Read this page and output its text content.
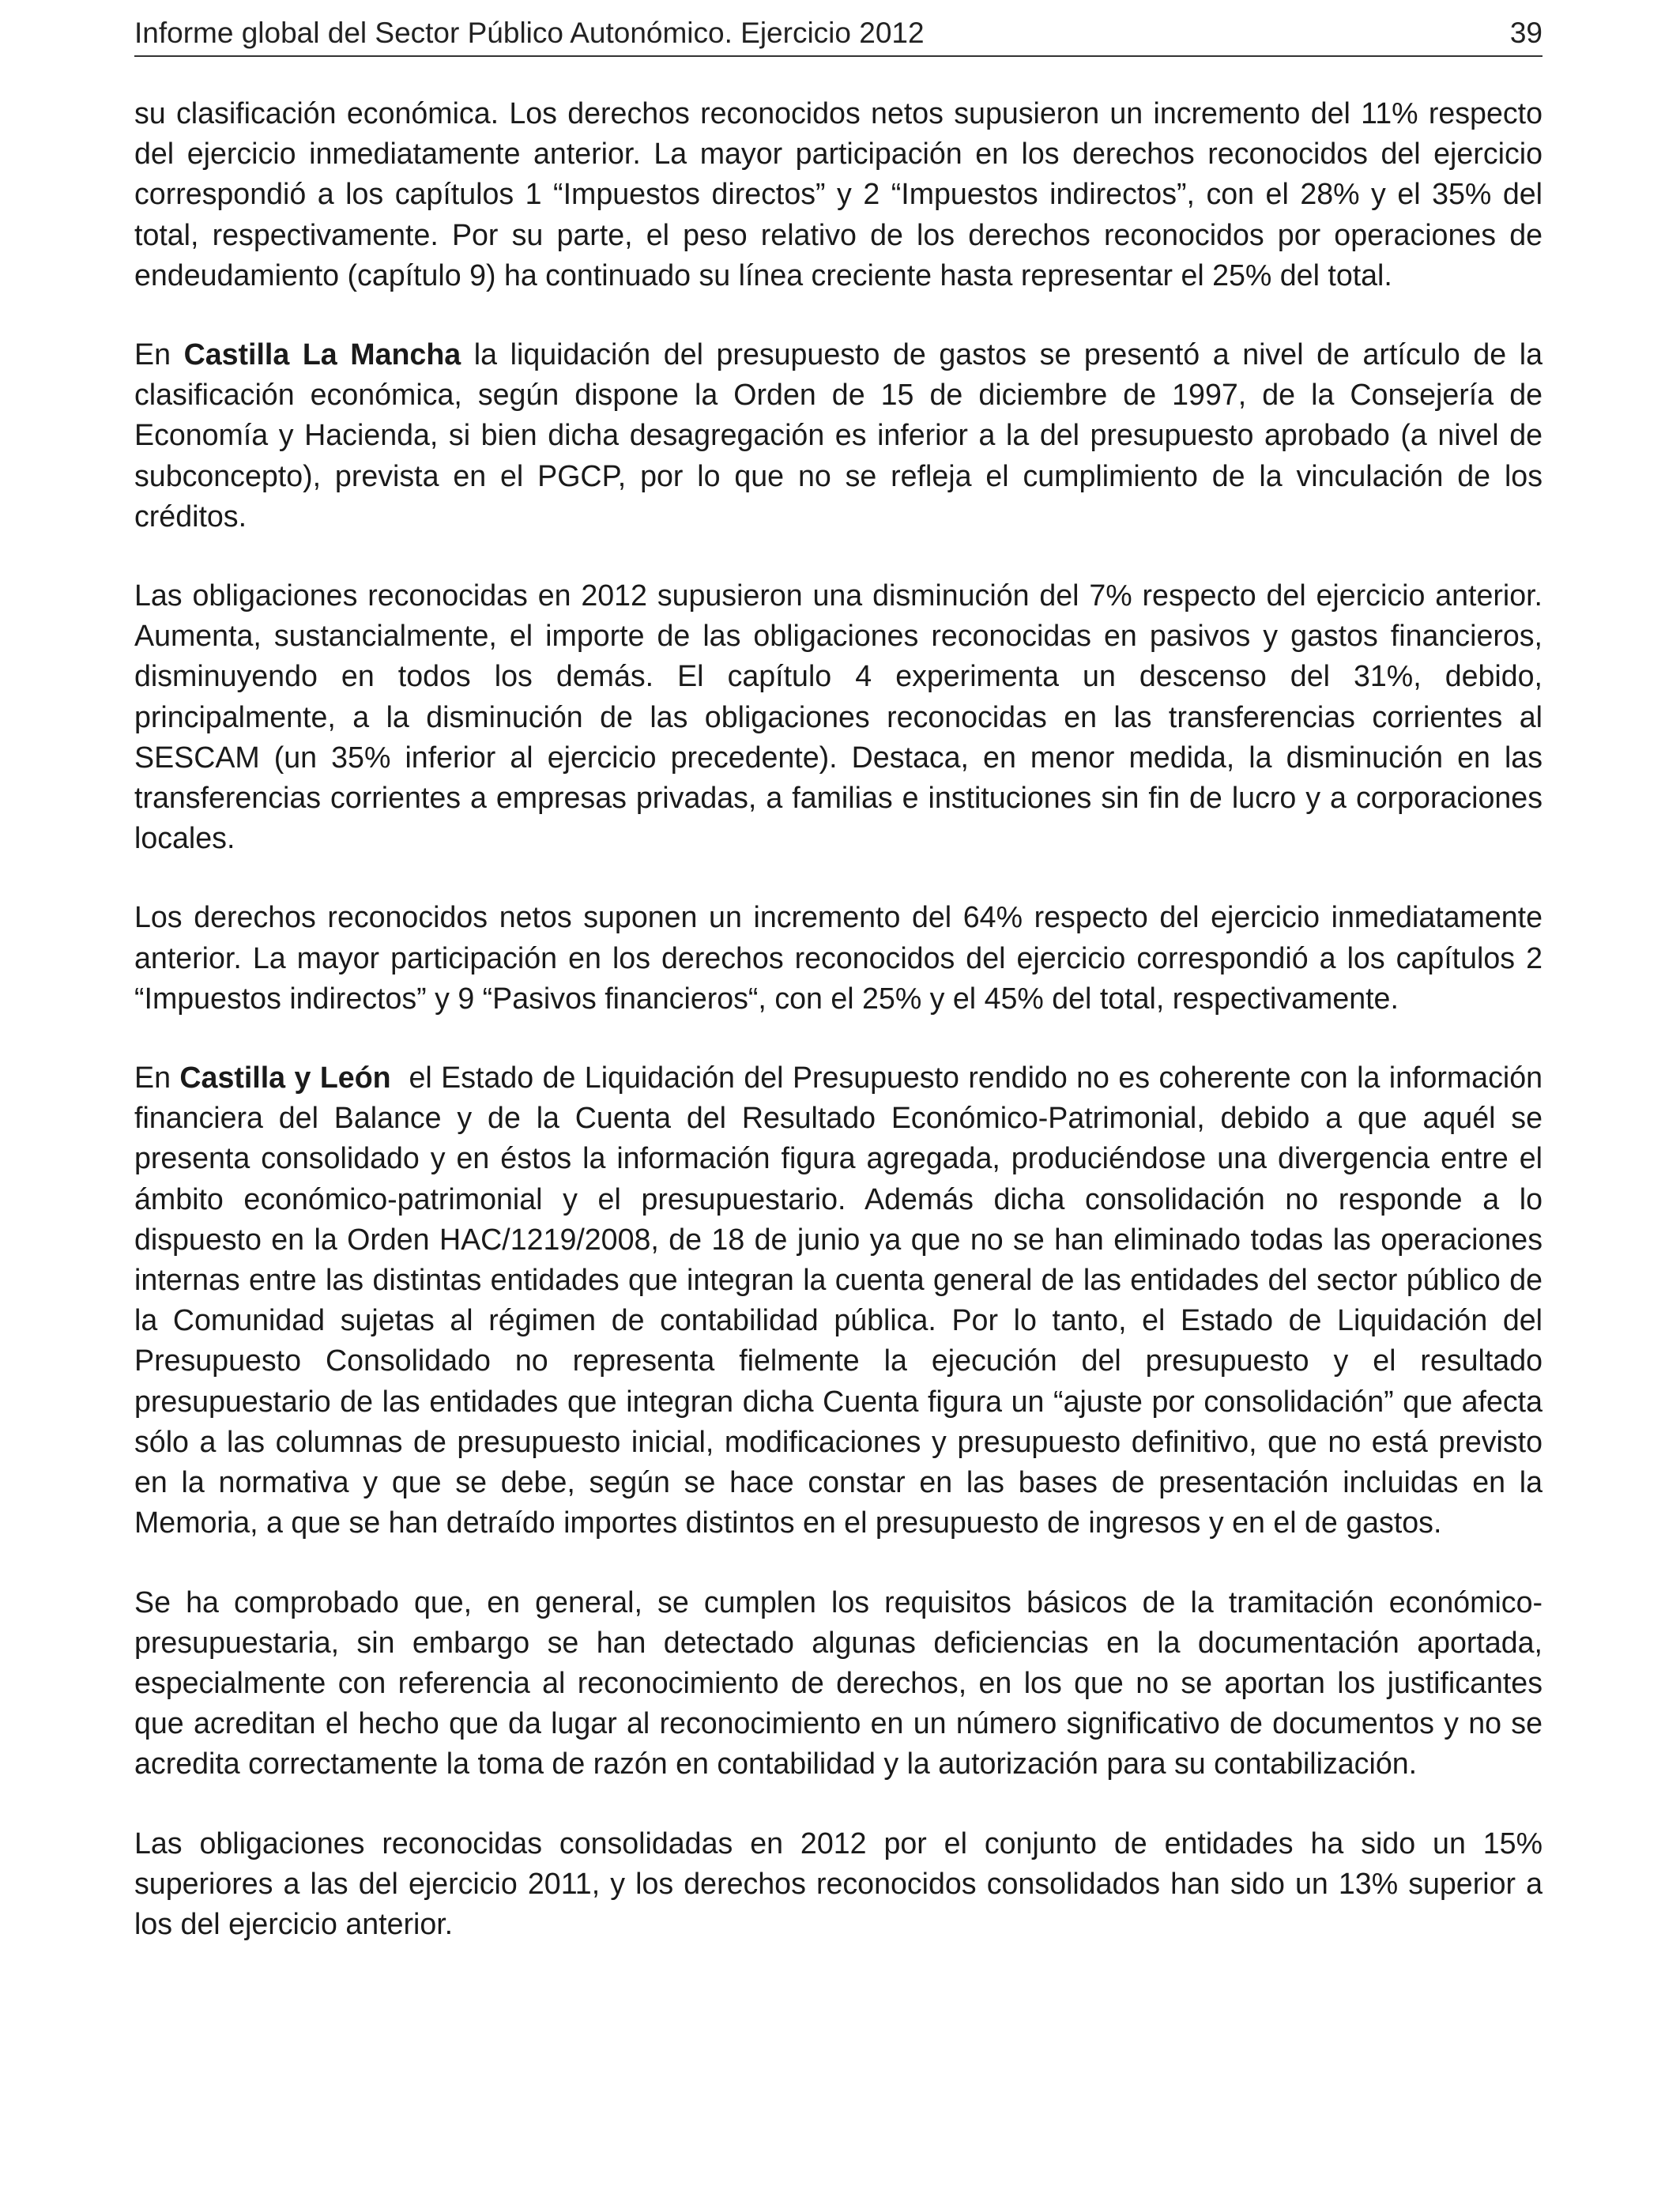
Informe global del Sector Público Autonómico. Ejercicio 2012	39

su clasificación económica. Los derechos reconocidos netos supusieron un incremento del 11% respecto del ejercicio inmediatamente anterior. La mayor participación en los derechos reconocidos del ejercicio correspondió a los capítulos 1 “Impuestos directos” y 2 “Impuestos indirectos”, con el 28% y el 35% del total, respectivamente. Por su parte, el peso relativo de los derechos reconocidos por operaciones de endeudamiento (capítulo 9) ha continuado su línea creciente hasta representar el 25% del total.

En Castilla La Mancha la liquidación del presupuesto de gastos se presentó a nivel de artículo de la clasificación económica, según dispone la Orden de 15 de diciembre de 1997, de la Consejería de Economía y Hacienda, si bien dicha desagregación es inferior a la del presupuesto aprobado (a nivel de subconcepto), prevista en el PGCP, por lo que no se refleja el cumplimiento de la vinculación de los créditos.

Las obligaciones reconocidas en 2012 supusieron una disminución del 7% respecto del ejercicio anterior. Aumenta, sustancialmente, el importe de las obligaciones reconocidas en pasivos y gastos financieros, disminuyendo en todos los demás. El capítulo 4 experimenta un descenso del 31%, debido, principalmente, a la disminución de las obligaciones reconocidas en las transferencias corrientes al SESCAM (un 35% inferior al ejercicio precedente). Destaca, en menor medida, la disminución en las transferencias corrientes a empresas privadas, a familias e instituciones sin fin de lucro y a corporaciones locales.

Los derechos reconocidos netos suponen un incremento del 64% respecto del ejercicio inmediatamente anterior. La mayor participación en los derechos reconocidos del ejercicio correspondió a los capítulos 2 “Impuestos indirectos” y 9 “Pasivos financieros“, con el 25% y el 45% del total, respectivamente.

En Castilla y León  el Estado de Liquidación del Presupuesto rendido no es coherente con la información financiera del Balance y de la Cuenta del Resultado Económico-Patrimonial, debido a que aquél se presenta consolidado y en éstos la información figura agregada, produciéndose una divergencia entre el ámbito económico-patrimonial y el presupuestario. Además dicha consolidación no responde a lo dispuesto en la Orden HAC/1219/2008, de 18 de junio ya que no se han eliminado todas las operaciones internas entre las distintas entidades que integran la cuenta general de las entidades del sector público de la Comunidad sujetas al régimen de contabilidad pública. Por lo tanto, el Estado de Liquidación del Presupuesto Consolidado no representa fielmente la ejecución del presupuesto y el resultado presupuestario de las entidades que integran dicha Cuenta figura un “ajuste por consolidación” que afecta sólo a las columnas de presupuesto inicial, modificaciones y presupuesto definitivo, que no está previsto en la normativa y que se debe, según se hace constar en las bases de presentación incluidas en la Memoria, a que se han detraído importes distintos en el presupuesto de ingresos y en el de gastos.

Se ha comprobado que, en general, se cumplen los requisitos básicos de la tramitación económico-presupuestaria, sin embargo se han detectado algunas deficiencias en la documentación aportada, especialmente con referencia al reconocimiento de derechos, en los que no se aportan los justificantes que acreditan el hecho que da lugar al reconocimiento en un número significativo de documentos y no se acredita correctamente la toma de razón en contabilidad y la autorización para su contabilización.

Las obligaciones reconocidas consolidadas en 2012 por el conjunto de entidades ha sido un 15% superiores a las del ejercicio 2011, y los derechos reconocidos consolidados han sido un 13% superior a los del ejercicio anterior.
